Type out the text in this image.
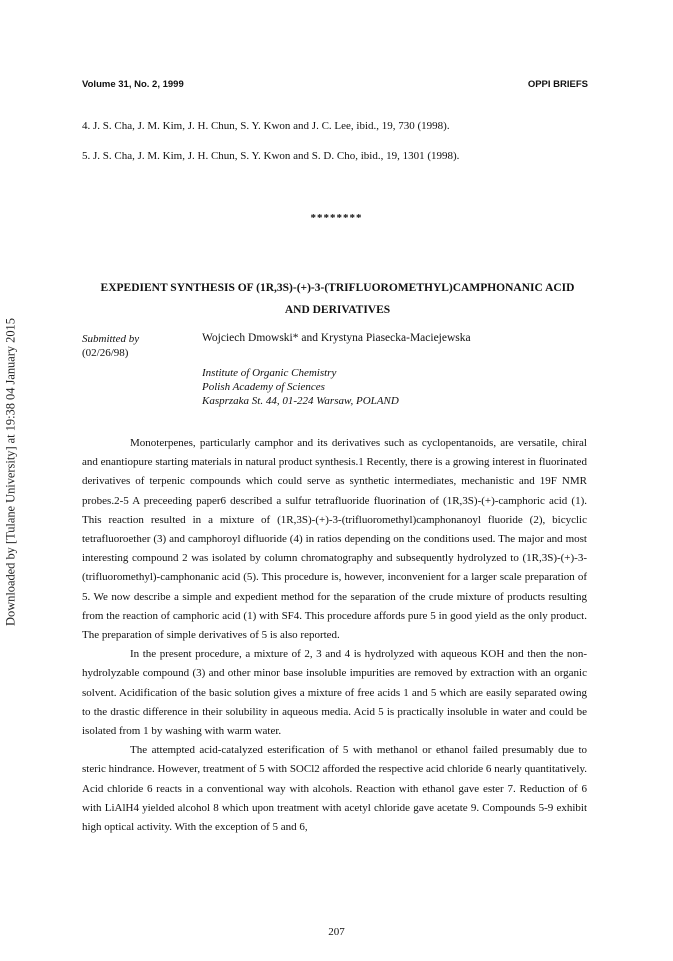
Volume 31, No. 2, 1999	OPPI BRIEFS
Downloaded by [Tulane University] at 19:38 04 January 2015
4. J. S. Cha, J. M. Kim, J. H. Chun, S. Y. Kwon and J. C. Lee, ibid., 19, 730 (1998).
5. J. S. Cha, J. M. Kim, J. H. Chun, S. Y. Kwon and S. D. Cho, ibid., 19, 1301 (1998).
********
EXPEDIENT SYNTHESIS OF (1R,3S)-(+)-3-(TRIFLUOROMETHYL)CAMPHONANIC ACID AND DERIVATIVES
Submitted by
(02/26/98)
Wojciech Dmowski* and Krystyna Piasecka-Maciejewska
Institute of Organic Chemistry
Polish Academy of Sciences
Kasprzaka St. 44, 01-224 Warsaw, POLAND

Monoterpenes, particularly camphor and its derivatives such as cyclopentanoids, are versatile, chiral and enantiopure starting materials in natural product synthesis.1 Recently, there is a growing interest in fluorinated derivatives of terpenic compounds which could serve as synthetic intermediates, mechanistic and 19F NMR probes.2-5 A preceeding paper6 described a sulfur tetrafluoride fluorination of (1R,3S)-(+)-camphoric acid (1). This reaction resulted in a mixture of (1R,3S)-(+)-3-(trifluoromethyl)camphonanoyl fluoride (2), bicyclic tetrafluoroether (3) and camphoroyl difluoride (4) in ratios depending on the conditions used. The major and most interesting compound 2 was isolated by column chromatography and subsequently hydrolyzed to (1R,3S)-(+)-3-(trifluoromethyl)-camphonanic acid (5). This procedure is, however, inconvenient for a larger scale preparation of 5. We now describe a simple and expedient method for the separation of the crude mixture of products resulting from the reaction of camphoric acid (1) with SF4. This procedure affords pure 5 in good yield as the only product. The preparation of simple derivatives of 5 is also reported.

In the present procedure, a mixture of 2, 3 and 4 is hydrolyzed with aqueous KOH and then the non-hydrolyzable compound (3) and other minor base insoluble impurities are removed by extraction with an organic solvent. Acidification of the basic solution gives a mixture of free acids 1 and 5 which are easily separated owing to the drastic difference in their solubility in aqueous media. Acid 5 is practically insoluble in water and could be isolated from 1 by washing with warm water.

The attempted acid-catalyzed esterification of 5 with methanol or ethanol failed presumably due to steric hindrance. However, treatment of 5 with SOCl2 afforded the respective acid chloride 6 nearly quantitatively. Acid chloride 6 reacts in a conventional way with alcohols. Reaction with ethanol gave ester 7. Reduction of 6 with LiAlH4 yielded alcohol 8 which upon treatment with acetyl chloride gave acetate 9. Compounds 5-9 exhibit high optical activity. With the exception of 5 and 6,

207
